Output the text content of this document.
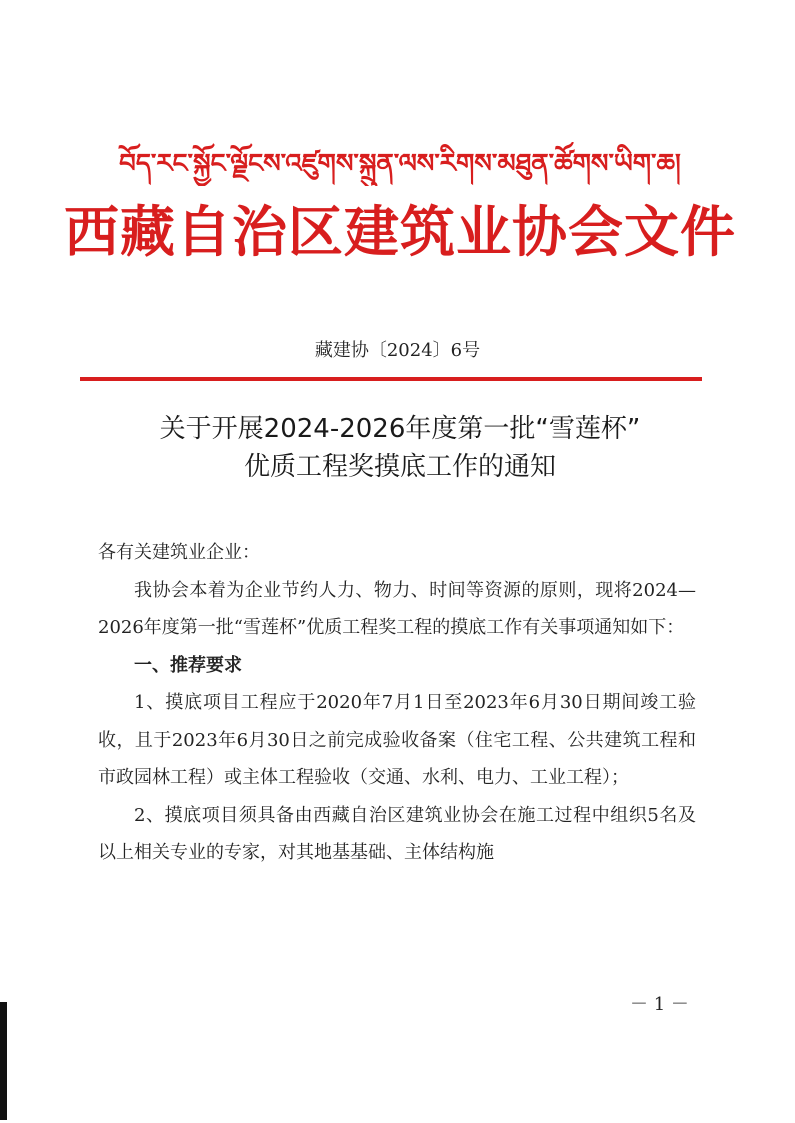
བོད་རང་སྐྱོང་ལྗོངས་འཛུགས་སྐྲུན་ལས་རིགས་མཐུན་ཚོགས་ཡིག་ཆ།
西藏自治区建筑业协会文件
藏建协〔2024〕6号
关于开展2024-2026年度第一批“雪莲杯”
优质工程奖摸底工作的通知

各有关建筑业企业：

我协会本着为企业节约人力、物力、时间等资源的原则，现将2024—2026年度第一批“雪莲杯”优质工程奖工程的摸底工作有关事项通知如下：

一、推荐要求

1、摸底项目工程应于2020年7月1日至2023年6月30日期间竣工验收，且于2023年6月30日之前完成验收备案（住宅工程、公共建筑工程和市政园林工程）或主体工程验收（交通、水利、电力、工业工程）；

2、摸底项目须具备由西藏自治区建筑业协会在施工过程中组织5名及以上相关专业的专家，对其地基基础、主体结构施

－ 1 －
